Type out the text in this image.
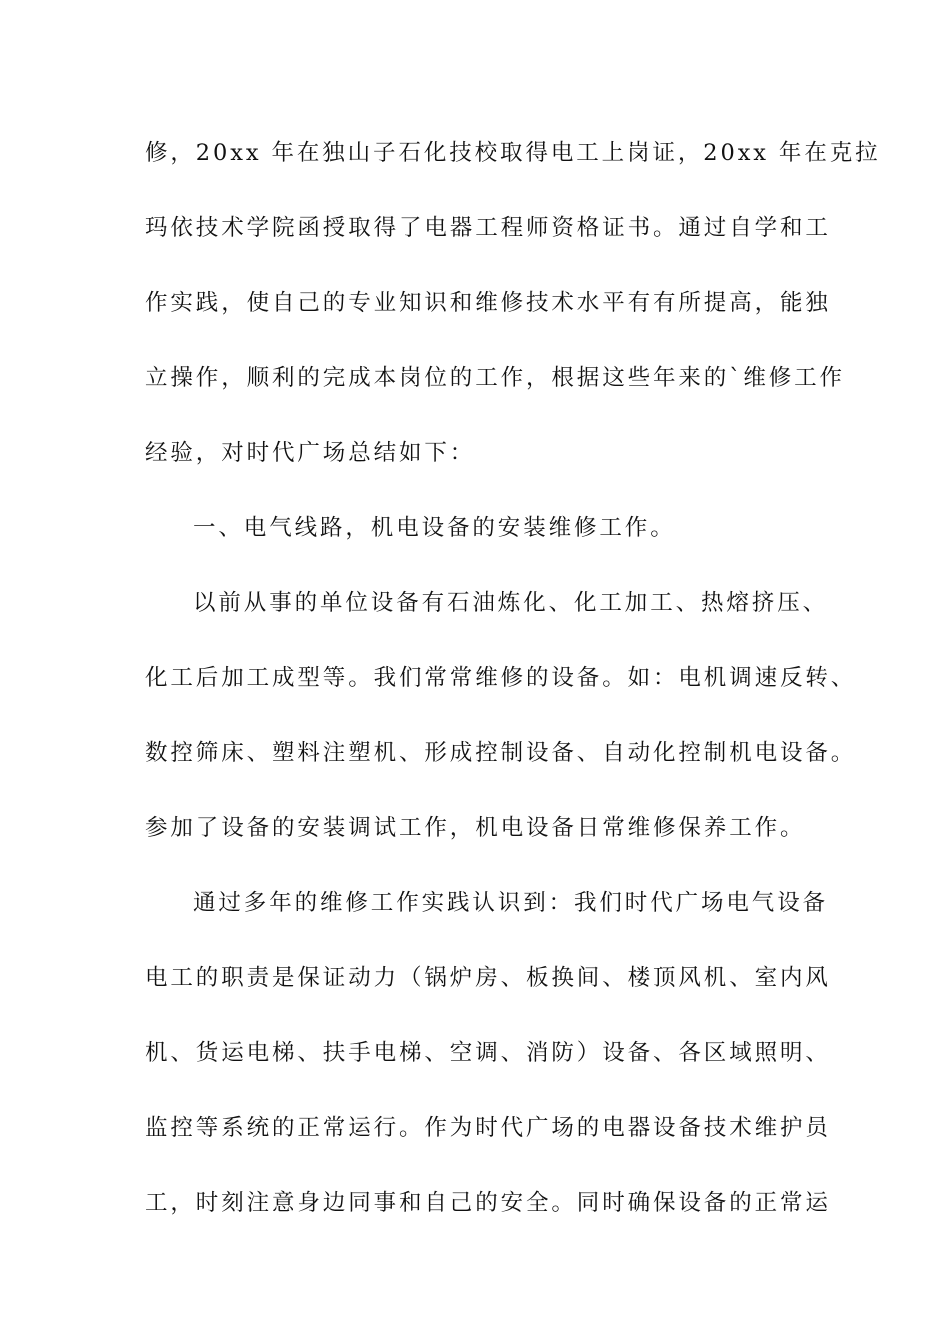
修，20xx 年在独山子石化技校取得电工上岗证，20xx 年在克拉
玛依技术学院函授取得了电器工程师资格证书。通过自学和工
作实践，使自己的专业知识和维修技术水平有有所提高，能独
立操作，顺利的完成本岗位的工作，根据这些年来的`维修工作
经验，对时代广场总结如下：
一、电气线路，机电设备的安装维修工作。
以前从事的单位设备有石油炼化、化工加工、热熔挤压、
化工后加工成型等。我们常常维修的设备。如：电机调速反转、
数控筛床、塑料注塑机、形成控制设备、自动化控制机电设备。
参加了设备的安装调试工作，机电设备日常维修保养工作。
通过多年的维修工作实践认识到：我们时代广场电气设备
电工的职责是保证动力（锅炉房、板换间、楼顶风机、室内风
机、货运电梯、扶手电梯、空调、消防）设备、各区域照明、
监控等系统的正常运行。作为时代广场的电器设备技术维护员
工，时刻注意身边同事和自己的安全。同时确保设备的正常运
